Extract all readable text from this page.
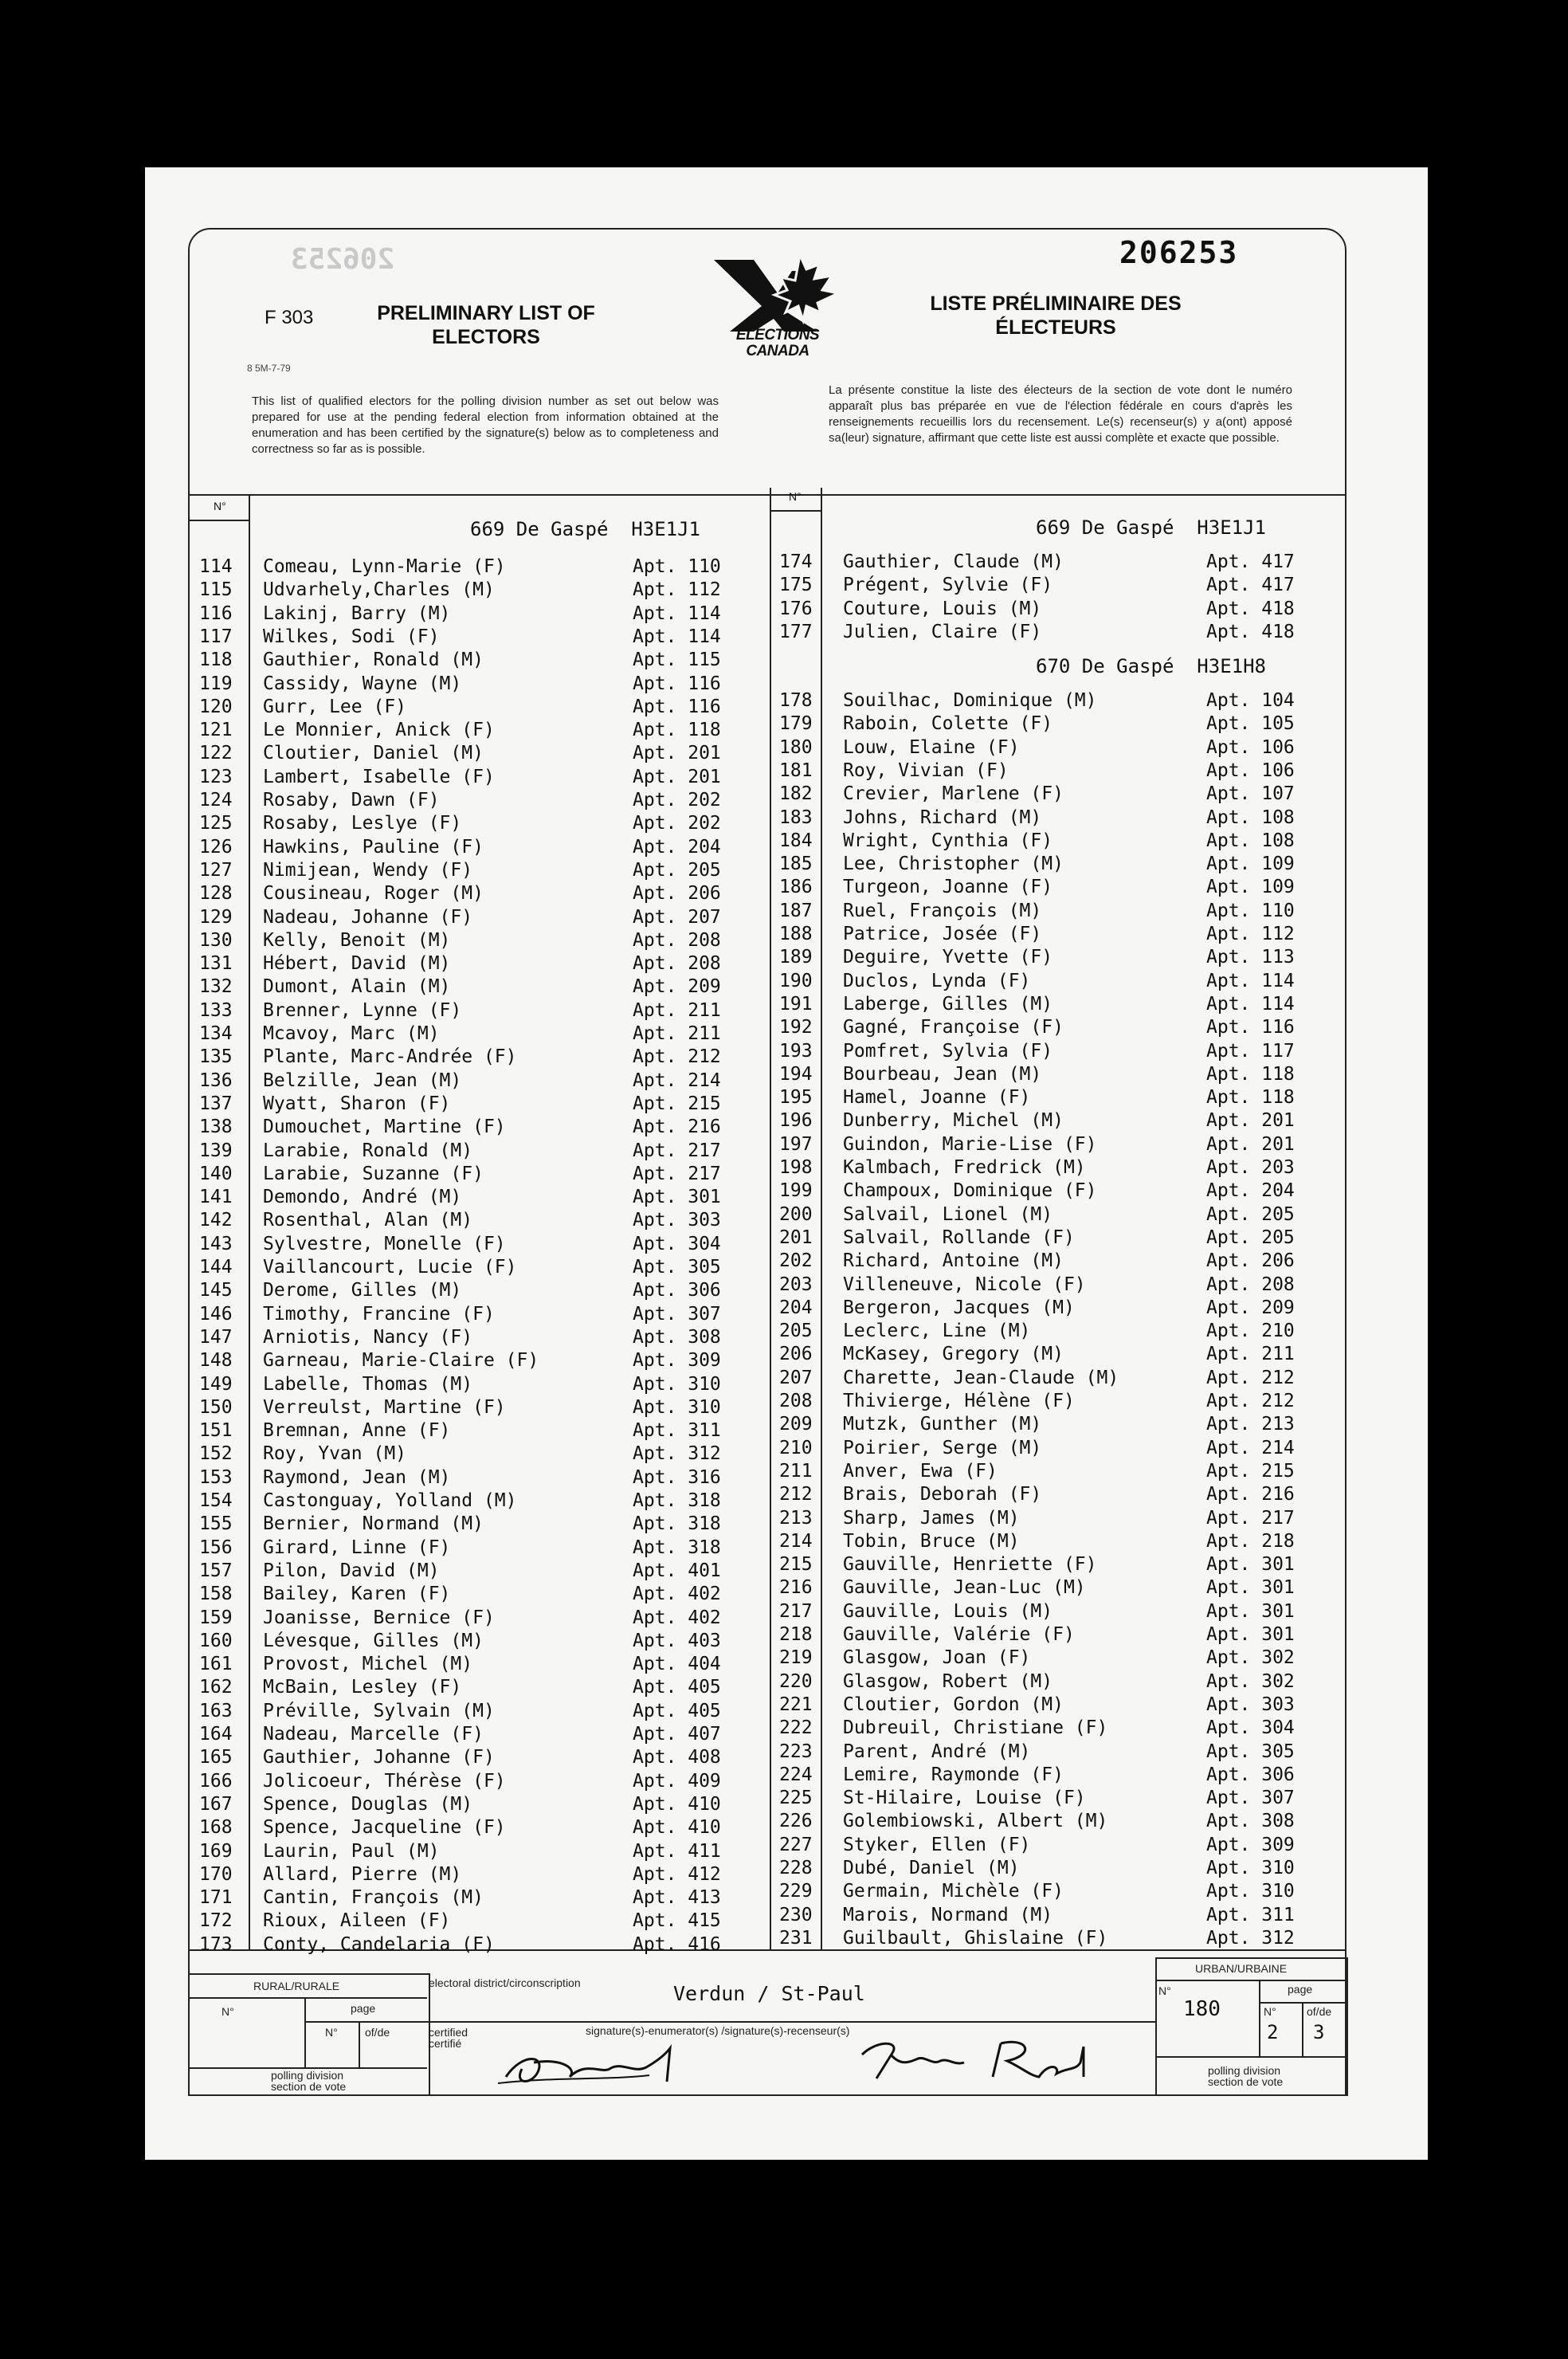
206253	206253
F 303
8 5M-7-79
PRELIMINARY LIST OF
ELECTORS
LISTE PRÉLIMINAIRE DES
ÉLECTEURS
ELECTIONS
CANADA
This list of qualified electors for the polling division number as set out below was prepared for use at the pending federal election from information obtained at the enumeration and has been certified by the signature(s) below as to completeness and correctness so far as is possible.
La présente constitue la liste des électeurs de la section de vote dont le numéro apparaît plus bas préparée en vue de l'élection fédérale en cours d'après les renseignements recueillis lors du recensement. Le(s) recenseur(s) y a(ont) apposé sa(leur) signature, affirmant que cette liste est aussi complète et exacte que possible.
N°
N°
669 De Gaspé  H3E1J1	669 De Gaspé  H3E1J1
670 De Gaspé  H3E1H8
114 Comeau, Lynn-Marie (F)	Apt. 110
115 Udvarhely,Charles (M)	Apt. 112
116 Lakinj, Barry (M)	Apt. 114
117 Wilkes, Sodi (F)	Apt. 114
118 Gauthier, Ronald (M)	Apt. 115
119 Cassidy, Wayne (M)	Apt. 116
120 Gurr, Lee (F)	Apt. 116
121 Le Monnier, Anick (F)	Apt. 118
122 Cloutier, Daniel (M)	Apt. 201
123 Lambert, Isabelle (F)	Apt. 201
124 Rosaby, Dawn (F)	Apt. 202
125 Rosaby, Leslye (F)	Apt. 202
126 Hawkins, Pauline (F)	Apt. 204
127 Nimijean, Wendy (F)	Apt. 205
128 Cousineau, Roger (M)	Apt. 206
129 Nadeau, Johanne (F)	Apt. 207
130 Kelly, Benoit (M)	Apt. 208
131 Hébert, David (M)	Apt. 208
132 Dumont, Alain (M)	Apt. 209
133 Brenner, Lynne (F)	Apt. 211
134 Mcavoy, Marc (M)	Apt. 211
135 Plante, Marc-Andrée (F)	Apt. 212
136 Belzille, Jean (M)	Apt. 214
137 Wyatt, Sharon (F)	Apt. 215
138 Dumouchet, Martine (F)	Apt. 216
139 Larabie, Ronald (M)	Apt. 217
140 Larabie, Suzanne (F)	Apt. 217
141 Demondo, André (M)	Apt. 301
142 Rosenthal, Alan (M)	Apt. 303
143 Sylvestre, Monelle (F)	Apt. 304
144 Vaillancourt, Lucie (F)	Apt. 305
145 Derome, Gilles (M)	Apt. 306
146 Timothy, Francine (F)	Apt. 307
147 Arniotis, Nancy (F)	Apt. 308
148 Garneau, Marie-Claire (F)	Apt. 309
149 Labelle, Thomas (M)	Apt. 310
150 Verreulst, Martine (F)	Apt. 310
151 Bremnan, Anne (F)	Apt. 311
152 Roy, Yvan (M)	Apt. 312
153 Raymond, Jean (M)	Apt. 316
154 Castonguay, Yolland (M)	Apt. 318
155 Bernier, Normand (M)	Apt. 318
156 Girard, Linne (F)	Apt. 318
157 Pilon, David (M)	Apt. 401
158 Bailey, Karen (F)	Apt. 402
159 Joanisse, Bernice (F)	Apt. 402
160 Lévesque, Gilles (M)	Apt. 403
161 Provost, Michel (M)	Apt. 404
162 McBain, Lesley (F)	Apt. 405
163 Préville, Sylvain (M)	Apt. 405
164 Nadeau, Marcelle (F)	Apt. 407
165 Gauthier, Johanne (F)	Apt. 408
166 Jolicoeur, Thérèse (F)	Apt. 409
167 Spence, Douglas (M)	Apt. 410
168 Spence, Jacqueline (F)	Apt. 410
169 Laurin, Paul (M)	Apt. 411
170 Allard, Pierre (M)	Apt. 412
171 Cantin, François (M)	Apt. 413
172 Rioux, Aileen (F)	Apt. 415
173 Conty, Candelaria (F)	Apt. 416
174 Gauthier, Claude (M)	Apt. 417
175 Prégent, Sylvie (F)	Apt. 417
176 Couture, Louis (M)	Apt. 418
177 Julien, Claire (F)	Apt. 418
178 Souilhac, Dominique (M)	Apt. 104
179 Raboin, Colette (F)	Apt. 105
180 Louw, Elaine (F)	Apt. 106
181 Roy, Vivian (F)	Apt. 106
182 Crevier, Marlene (F)	Apt. 107
183 Johns, Richard (M)	Apt. 108
184 Wright, Cynthia (F)	Apt. 108
185 Lee, Christopher (M)	Apt. 109
186 Turgeon, Joanne (F)	Apt. 109
187 Ruel, François (M)	Apt. 110
188 Patrice, Josée (F)	Apt. 112
189 Deguire, Yvette (F)	Apt. 113
190 Duclos, Lynda (F)	Apt. 114
191 Laberge, Gilles (M)	Apt. 114
192 Gagné, Françoise (F)	Apt. 116
193 Pomfret, Sylvia (F)	Apt. 117
194 Bourbeau, Jean (M)	Apt. 118
195 Hamel, Joanne (F)	Apt. 118
196 Dunberry, Michel (M)	Apt. 201
197 Guindon, Marie-Lise (F)	Apt. 201
198 Kalmbach, Fredrick (M)	Apt. 203
199 Champoux, Dominique (F)	Apt. 204
200 Salvail, Lionel (M)	Apt. 205
201 Salvail, Rollande (F)	Apt. 205
202 Richard, Antoine (M)	Apt. 206
203 Villeneuve, Nicole (F)	Apt. 208
204 Bergeron, Jacques (M)	Apt. 209
205 Leclerc, Line (M)	Apt. 210
206 McKasey, Gregory (M)	Apt. 211
207 Charette, Jean-Claude (M)	Apt. 212
208 Thivierge, Hélène (F)	Apt. 212
209 Mutzk, Gunther (M)	Apt. 213
210 Poirier, Serge (M)	Apt. 214
211 Anver, Ewa (F)	Apt. 215
212 Brais, Deborah (F)	Apt. 216
213 Sharp, James (M)	Apt. 217
214 Tobin, Bruce (M)	Apt. 218
215 Gauville, Henriette (F)	Apt. 301
216 Gauville, Jean-Luc (M)	Apt. 301
217 Gauville, Louis (M)	Apt. 301
218 Gauville, Valérie (F)	Apt. 301
219 Glasgow, Joan (F)	Apt. 302
220 Glasgow, Robert (M)	Apt. 302
221 Cloutier, Gordon (M)	Apt. 303
222 Dubreuil, Christiane (F)	Apt. 304
223 Parent, André (M)	Apt. 305
224 Lemire, Raymonde (F)	Apt. 306
225 St-Hilaire, Louise (F)	Apt. 307
226 Golembiowski, Albert (M)	Apt. 308
227 Styker, Ellen (F)	Apt. 309
228 Dubé, Daniel (M)	Apt. 310
229 Germain, Michèle (F)	Apt. 310
230 Marois, Normand (M)	Apt. 311
231 Guilbault, Ghislaine (F)	Apt. 312
RURAL/RURALE
N°	page
N° of/de
polling division
section de vote
electoral district/circonscription	Verdun / St-Paul
certified
certifié
signature(s)-enumerator(s) /signature(s)-recenseur(s)
URBAN/URBAINE
N°
180
page
N°
2
of/de
3
polling division
section de vote
